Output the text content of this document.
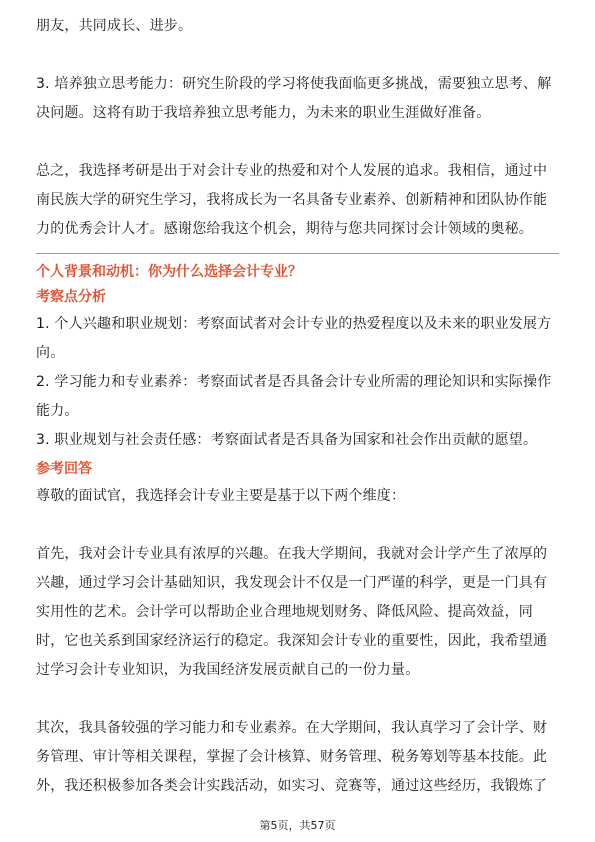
朋友，共同成长、进步。

3. 培养独立思考能力：研究生阶段的学习将使我面临更多挑战，需要独立思考、解

决问题。这将有助于我培养独立思考能力，为未来的职业生涯做好准备。

总之，我选择考研是出于对会计专业的热爱和对个人发展的追求。我相信，通过中

南民族大学的研究生学习，我将成长为一名具备专业素养、创新精神和团队协作能

力的优秀会计人才。感谢您给我这个机会，期待与您共同探讨会计领域的奥秘。

个人背景和动机：你为什么选择会计专业？

考察点分析

1. 个人兴趣和职业规划：考察面试者对会计专业的热爱程度以及未来的职业发展方

向。

2. 学习能力和专业素养：考察面试者是否具备会计专业所需的理论知识和实际操作

能力。

3. 职业规划与社会责任感：考察面试者是否具备为国家和社会作出贡献的愿望。

参考回答

尊敬的面试官，我选择会计专业主要是基于以下两个维度：

首先，我对会计专业具有浓厚的兴趣。在我大学期间，我就对会计学产生了浓厚的

兴趣，通过学习会计基础知识，我发现会计不仅是一门严谨的科学，更是一门具有

实用性的艺术。会计学可以帮助企业合理地规划财务、降低风险、提高效益，同

时，它也关系到国家经济运行的稳定。我深知会计专业的重要性，因此，我希望通

过学习会计专业知识，为我国经济发展贡献自己的一份力量。

其次，我具备较强的学习能力和专业素养。在大学期间，我认真学习了会计学、财

务管理、审计等相关课程，掌握了会计核算、财务管理、税务筹划等基本技能。此

外，我还积极参加各类会计实践活动，如实习、竞赛等，通过这些经历，我锻炼了

第5页，共57页
